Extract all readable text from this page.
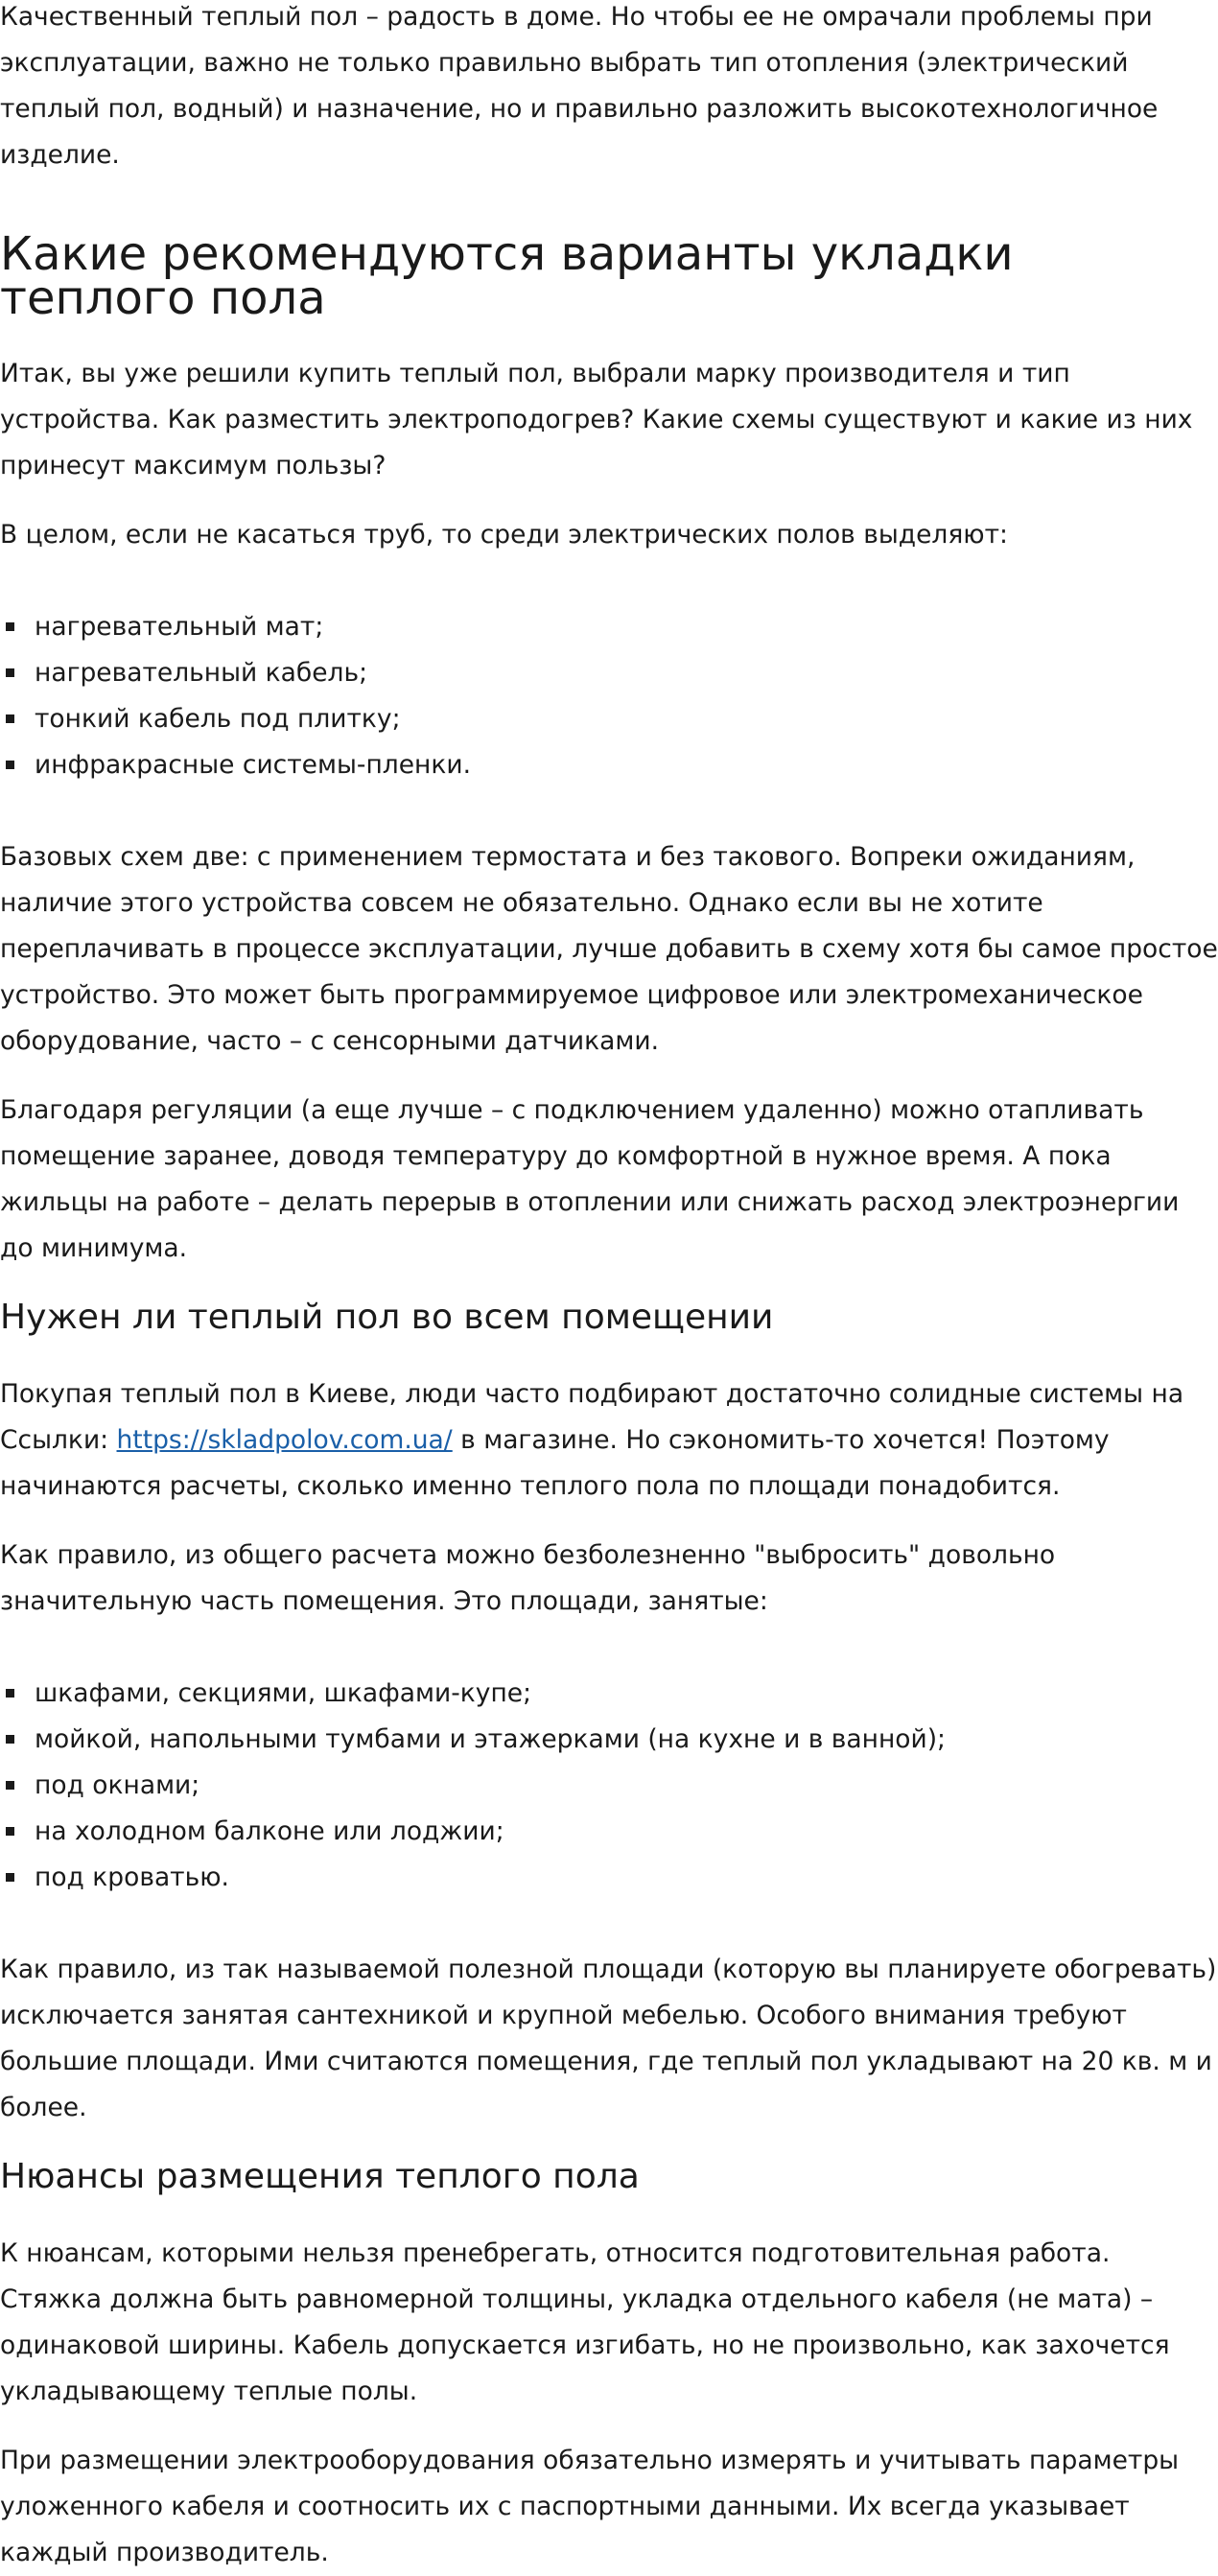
Качественный теплый пол – радость в доме. Но чтобы ее не омрачали проблемы при эксплуатации, важно не только правильно выбрать тип отопления (электрический теплый пол, водный) и назначение, но и правильно разложить высокотехнологичное изделие.

Какие рекомендуются варианты укладки теплого пола

Итак, вы уже решили купить теплый пол, выбрали марку производителя и тип устройства. Как разместить электроподогрев? Какие схемы существуют и какие из них принесут максимум пользы?

В целом, если не касаться труб, то среди электрических полов выделяют:

нагревательный мат;
нагревательный кабель;
тонкий кабель под плитку;
инфракрасные системы-пленки.

Базовых схем две: с применением термостата и без такового. Вопреки ожиданиям, наличие этого устройства совсем не обязательно. Однако если вы не хотите переплачивать в процессе эксплуатации, лучше добавить в схему хотя бы самое простое устройство. Это может быть программируемое цифровое или электромеханическое оборудование, часто – с сенсорными датчиками.

Благодаря регуляции (а еще лучше – с подключением удаленно) можно отапливать помещение заранее, доводя температуру до комфортной в нужное время. А пока жильцы на работе – делать перерыв в отоплении или снижать расход электроэнергии до минимума.

Нужен ли теплый пол во всем помещении

Покупая теплый пол в Киеве, люди часто подбирают достаточно солидные системы на Ссылки: https://skladpolov.com.ua/ в магазине. Но сэкономить-то хочется! Поэтому начинаются расчеты, сколько именно теплого пола по площади понадобится.

Как правило, из общего расчета можно безболезненно "выбросить" довольно значительную часть помещения. Это площади, занятые:

шкафами, секциями, шкафами-купе;
мойкой, напольными тумбами и этажерками (на кухне и в ванной);
под окнами;
на холодном балконе или лоджии;
под кроватью.

Как правило, из так называемой полезной площади (которую вы планируете обогревать) исключается занятая сантехникой и крупной мебелью. Особого внимания требуют большие площади. Ими считаются помещения, где теплый пол укладывают на 20 кв. м и более.

Нюансы размещения теплого пола

К нюансам, которыми нельзя пренебрегать, относится подготовительная работа. Стяжка должна быть равномерной толщины, укладка отдельного кабеля (не мата) – одинаковой ширины. Кабель допускается изгибать, но не произвольно, как захочется укладывающему теплые полы.

При размещении электрооборудования обязательно измерять и учитывать параметры уложенного кабеля и соотносить их с паспортными данными. Их всегда указывает каждый производитель.
